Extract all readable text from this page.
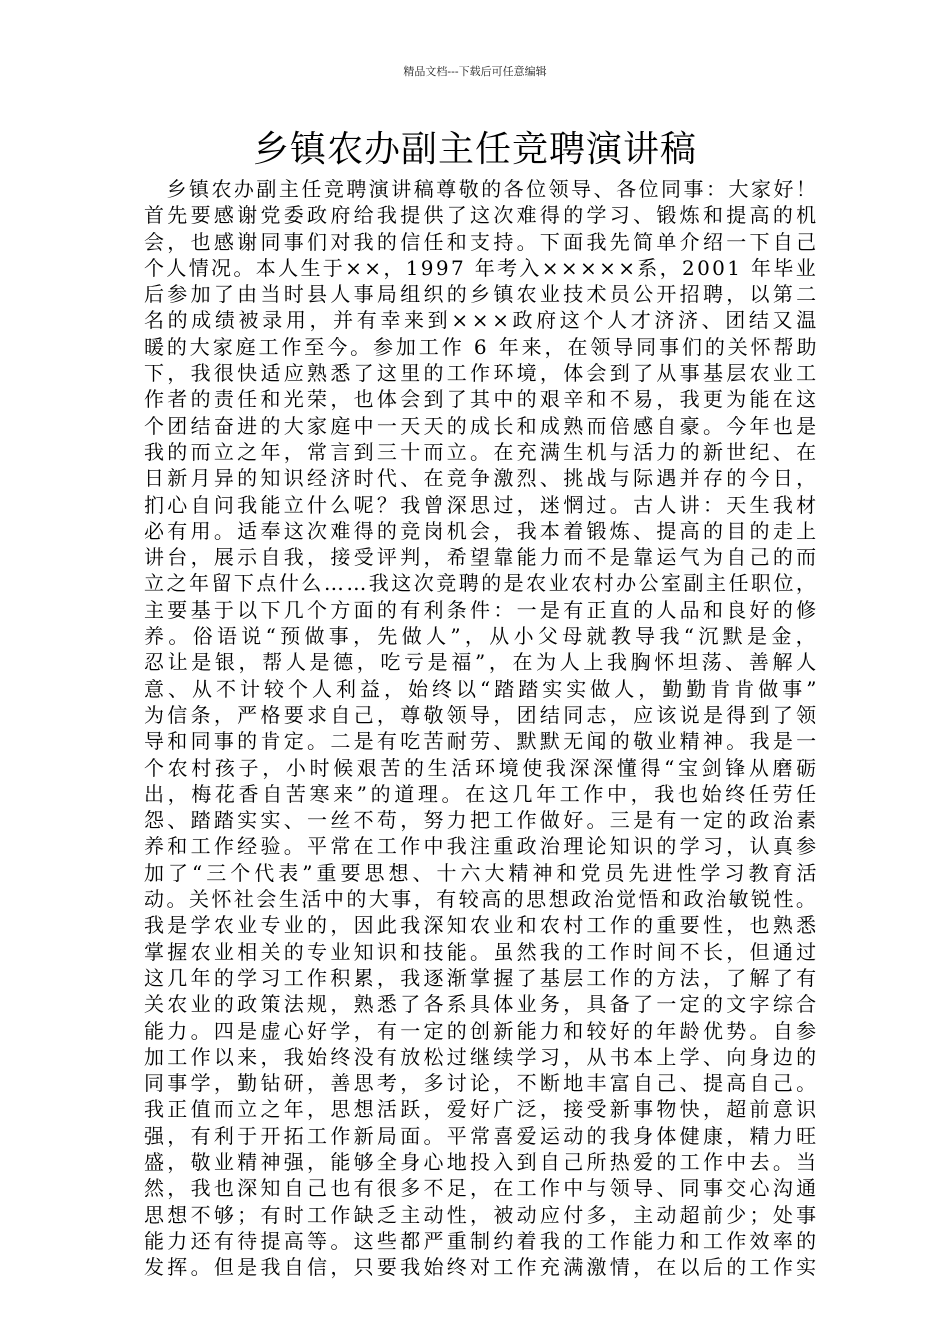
精品文档---下载后可任意编辑
乡镇农办副主任竞聘演讲稿
　乡镇农办副主任竞聘演讲稿尊敬的各位领导、各位同事：大家好！
首先要感谢党委政府给我提供了这次难得的学习、锻炼和提高的机
会，也感谢同事们对我的信任和支持。下面我先简单介绍一下自己
个人情况。本人生于××，1997 年考入×××××系，2001 年毕业
后参加了由当时县人事局组织的乡镇农业技术员公开招聘，以第二
名的成绩被录用，并有幸来到×××政府这个人才济济、团结又温
暖的大家庭工作至今。参加工作 6 年来，在领导同事们的关怀帮助
下，我很快适应熟悉了这里的工作环境，体会到了从事基层农业工
作者的责任和光荣，也体会到了其中的艰辛和不易，我更为能在这
个团结奋进的大家庭中一天天的成长和成熟而倍感自豪。今年也是
我的而立之年，常言到三十而立。在充满生机与活力的新世纪、在
日新月异的知识经济时代、在竞争激烈、挑战与际遇并存的今日，
扪心自问我能立什么呢？我曾深思过，迷惘过。古人讲：天生我材
必有用。适奉这次难得的竞岗机会，我本着锻炼、提高的目的走上
讲台，展示自我，接受评判，希望靠能力而不是靠运气为自己的而
立之年留下点什么……我这次竞聘的是农业农村办公室副主任职位，
主要基于以下几个方面的有利条件：一是有正直的人品和良好的修
养。俗语说“预做事，先做人”，从小父母就教导我“沉默是金，
忍让是银，帮人是德，吃亏是福”，在为人上我胸怀坦荡、善解人
意、从不计较个人利益，始终以“踏踏实实做人，勤勤肯肯做事”
为信条，严格要求自己，尊敬领导，团结同志，应该说是得到了领
导和同事的肯定。二是有吃苦耐劳、默默无闻的敬业精神。我是一
个农村孩子，小时候艰苦的生活环境使我深深懂得“宝剑锋从磨砺
出，梅花香自苦寒来”的道理。在这几年工作中，我也始终任劳任
怨、踏踏实实、一丝不苟，努力把工作做好。三是有一定的政治素
养和工作经验。平常在工作中我注重政治理论知识的学习，认真参
加了“三个代表”重要思想、十六大精神和党员先进性学习教育活
动。关怀社会生活中的大事，有较高的思想政治觉悟和政治敏锐性。
我是学农业专业的，因此我深知农业和农村工作的重要性，也熟悉
掌握农业相关的专业知识和技能。虽然我的工作时间不长，但通过
这几年的学习工作积累，我逐渐掌握了基层工作的方法，了解了有
关农业的政策法规，熟悉了各系具体业务，具备了一定的文字综合
能力。四是虚心好学，有一定的创新能力和较好的年龄优势。自参
加工作以来，我始终没有放松过继续学习，从书本上学、向身边的
同事学，勤钻研，善思考，多讨论，不断地丰富自己、提高自己。
我正值而立之年，思想活跃，爱好广泛，接受新事物快，超前意识
强，有利于开拓工作新局面。平常喜爱运动的我身体健康，精力旺
盛，敬业精神强，能够全身心地投入到自己所热爱的工作中去。当
然，我也深知自己也有很多不足，在工作中与领导、同事交心沟通
思想不够；有时工作缺乏主动性，被动应付多，主动超前少；处事
能力还有待提高等。这些都严重制约着我的工作能力和工作效率的
发挥。但是我自信，只要我始终对工作充满激情，在以后的工作实
